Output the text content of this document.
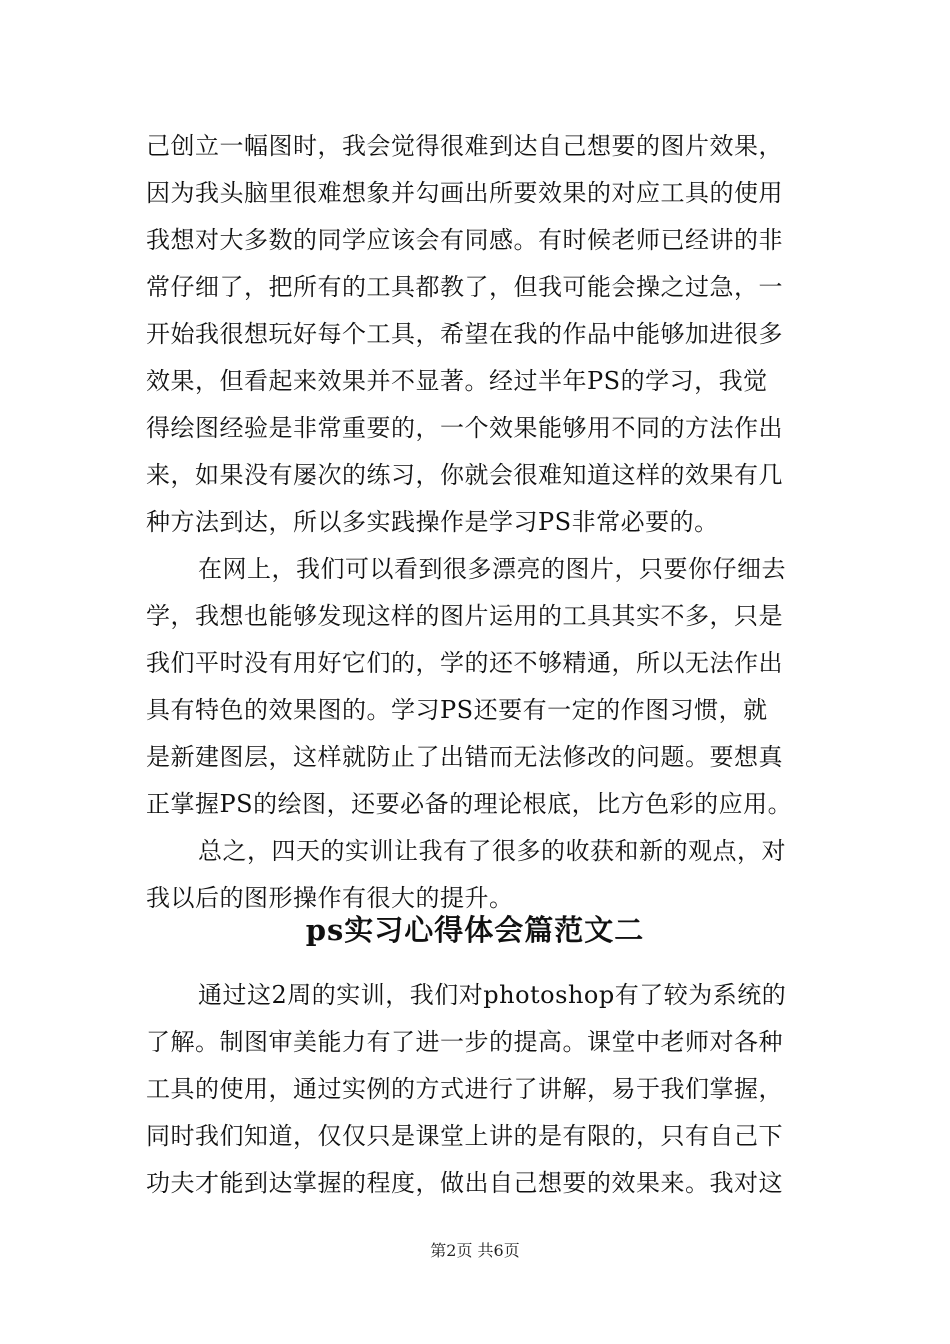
己创立一幅图时，我会觉得很难到达自己想要的图片效果，
因为我头脑里很难想象并勾画出所要效果的对应工具的使用
我想对大多数的同学应该会有同感。有时候老师已经讲的非
常仔细了，把所有的工具都教了，但我可能会操之过急，一
开始我很想玩好每个工具，希望在我的作品中能够加进很多
效果，但看起来效果并不显著。经过半年PS的学习，我觉
得绘图经验是非常重要的，一个效果能够用不同的方法作出
来，如果没有屡次的练习，你就会很难知道这样的效果有几
种方法到达，所以多实践操作是学习PS非常必要的。
在网上，我们可以看到很多漂亮的图片，只要你仔细去
学，我想也能够发现这样的图片运用的工具其实不多，只是
我们平时没有用好它们的，学的还不够精通，所以无法作出
具有特色的效果图的。学习PS还要有一定的作图习惯，就
是新建图层，这样就防止了出错而无法修改的问题。要想真
正掌握PS的绘图，还要必备的理论根底，比方色彩的应用。
总之，四天的实训让我有了很多的收获和新的观点，对
我以后的图形操作有很大的提升。
ps实习心得体会篇范文二
通过这2周的实训，我们对photoshop有了较为系统的
了解。制图审美能力有了进一步的提高。课堂中老师对各种
工具的使用，通过实例的方式进行了讲解，易于我们掌握，
同时我们知道，仅仅只是课堂上讲的是有限的，只有自己下
功夫才能到达掌握的程度，做出自己想要的效果来。我对这
第2页 共6页
